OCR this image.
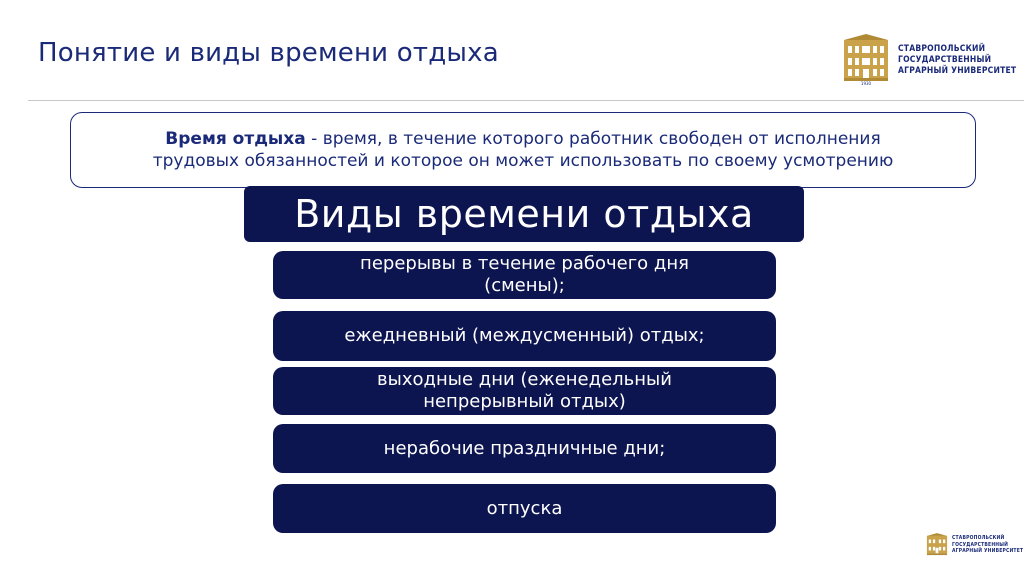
Понятие и виды времени отдыха
1930
СТАВРОПОЛЬСКИЙ
ГОСУДАРСТВЕННЫЙ
АГРАРНЫЙ УНИВЕРСИТЕТ
Время отдыха - время, в течение которого работник свободен от исполнения
трудовых обязанностей и которое он может использовать по своему усмотрению
Виды времени отдыха
перерывы в течение рабочего дня
(смены);
ежедневный (междусменный) отдых;
выходные дни (еженедельный
непрерывный отдых)
нерабочие праздничные дни;
отпуска
СТАВРОПОЛЬСКИЙ
ГОСУДАРСТВЕННЫЙ
АГРАРНЫЙ УНИВЕРСИТЕТ
